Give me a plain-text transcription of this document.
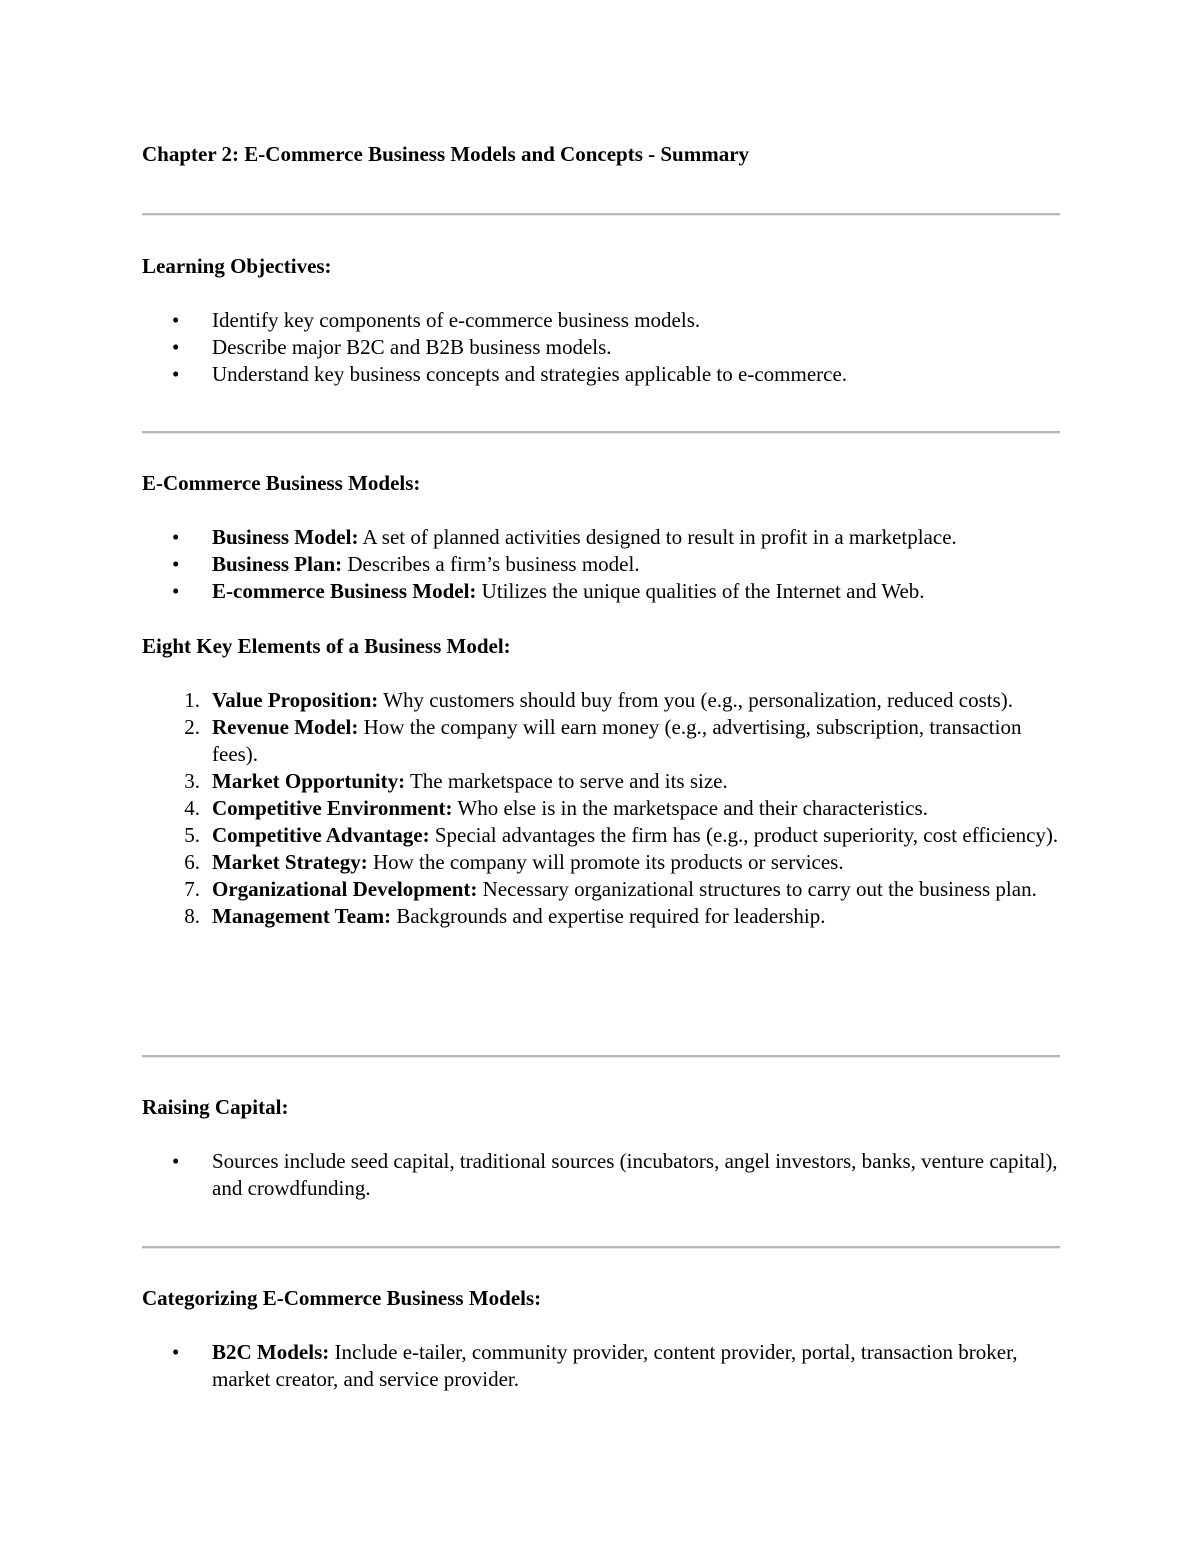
Chapter 2: E-Commerce Business Models and Concepts - Summary
Learning Objectives:
• Identify key components of e-commerce business models.
• Describe major B2C and B2B business models.
• Understand key business concepts and strategies applicable to e-commerce.
E-Commerce Business Models:
• Business Model: A set of planned activities designed to result in profit in a marketplace.
• Business Plan: Describes a firm’s business model.
• E-commerce Business Model: Utilizes the unique qualities of the Internet and Web.
Eight Key Elements of a Business Model:
1. Value Proposition: Why customers should buy from you (e.g., personalization, reduced costs).
2. Revenue Model: How the company will earn money (e.g., advertising, subscription, transaction fees).
3. Market Opportunity: The marketspace to serve and its size.
4. Competitive Environment: Who else is in the marketspace and their characteristics.
5. Competitive Advantage: Special advantages the firm has (e.g., product superiority, cost efficiency).
6. Market Strategy: How the company will promote its products or services.
7. Organizational Development: Necessary organizational structures to carry out the business plan.
8. Management Team: Backgrounds and expertise required for leadership.
Raising Capital:
• Sources include seed capital, traditional sources (incubators, angel investors, banks, venture capital), and crowdfunding.
Categorizing E-Commerce Business Models:
• B2C Models: Include e-tailer, community provider, content provider, portal, transaction broker, market creator, and service provider.
